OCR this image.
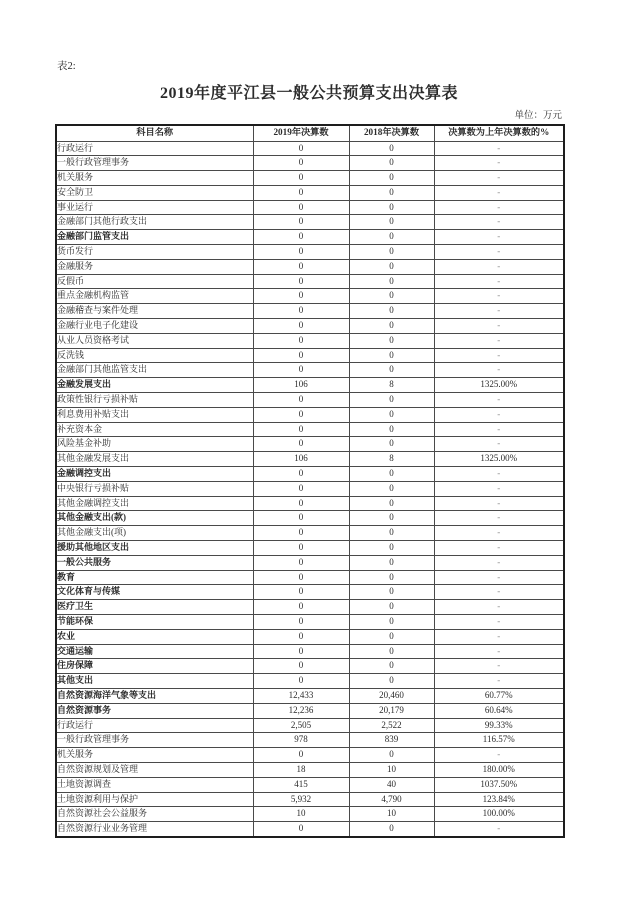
表2:
2019年度平江县一般公共预算支出决算表
单位：万元
科目名称	2019年决算数	2018年决算数	决算数为上年决算数的%
行政运行	0	0	-
一般行政管理事务	0	0	-
机关服务	0	0	-
安全防卫	0	0	-
事业运行	0	0	-
金融部门其他行政支出	0	0	-
金融部门监管支出	0	0	-
货币发行	0	0	-
金融服务	0	0	-
反假币	0	0	-
重点金融机构监管	0	0	-
金融稽查与案件处理	0	0	-
金融行业电子化建设	0	0	-
从业人员资格考试	0	0	-
反洗钱	0	0	-
金融部门其他监管支出	0	0	-
金融发展支出	106	8	1325.00%
政策性银行亏损补贴	0	0	-
利息费用补贴支出	0	0	-
补充资本金	0	0	-
风险基金补助	0	0	-
其他金融发展支出	106	8	1325.00%
金融调控支出	0	0	-
中央银行亏损补贴	0	0	-
其他金融调控支出	0	0	-
其他金融支出(款)	0	0	-
其他金融支出(项)	0	0	-
援助其他地区支出	0	0	-
一般公共服务	0	0	-
教育	0	0	-
文化体育与传媒	0	0	-
医疗卫生	0	0	-
节能环保	0	0	-
农业	0	0	-
交通运输	0	0	-
住房保障	0	0	-
其他支出	0	0	-
自然资源海洋气象等支出	12,433	20,460	60.77%
自然资源事务	12,236	20,179	60.64%
行政运行	2,505	2,522	99.33%
一般行政管理事务	978	839	116.57%
机关服务	0	0	-
自然资源规划及管理	18	10	180.00%
土地资源调查	415	40	1037.50%
土地资源利用与保护	5,932	4,790	123.84%
自然资源社会公益服务	10	10	100.00%
自然资源行业业务管理	0	0	-
